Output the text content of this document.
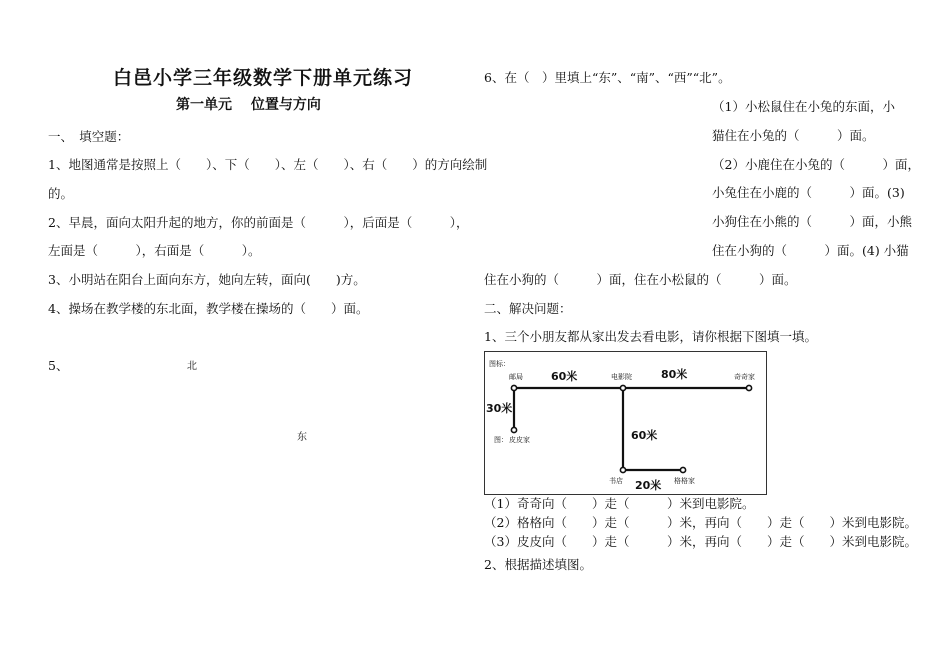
白邑小学三年级数学下册单元练习
第一单元　 位置与方向
一、　填空题：
1、地图通常是按照上（　　）、下（　　）、左（　　）、右（　　）的方向绘制
的。
2、早晨，面向太阳升起的地方，你的前面是（　　　），后面是（　　　），
左面是（　　　），右面是（　　　）。
3、小明站在阳台上面向东方，她向左转，面向(　　)方。
4、操场在教学楼的东北面，教学楼在操场的（　　）面。
5、	北
东
6、在（　）里填上“东”、“南”、“西”“北”。
（1）小松鼠住在小兔的东面，小
猫住在小兔的（　　　）面。
（2）小鹿住在小兔的（　　　）面，
小兔住在小鹿的（　　　）面。(3)
小狗住在小熊的（　　　）面，小熊
住在小狗的（　　　）面。(4) 小猫
住在小狗的（　　　）面，住在小松鼠的（　　　）面。
二、解决问题：
1、三个小朋友都从家出发去看电影，请你根据下图填一填。
图标：
邮局	电影院	奇奇家
图： 皮皮家
书店	格格家
60米	80米
30米
60米
20米
（1）奇奇向（　　）走（　　　）米到电影院。
（2）格格向（　　）走（　　　）米，再向（　　）走（　　）米到电影院。
（3）皮皮向（　　）走（　　　）米，再向（　　）走（　　）米到电影院。
2、根据描述填图。
